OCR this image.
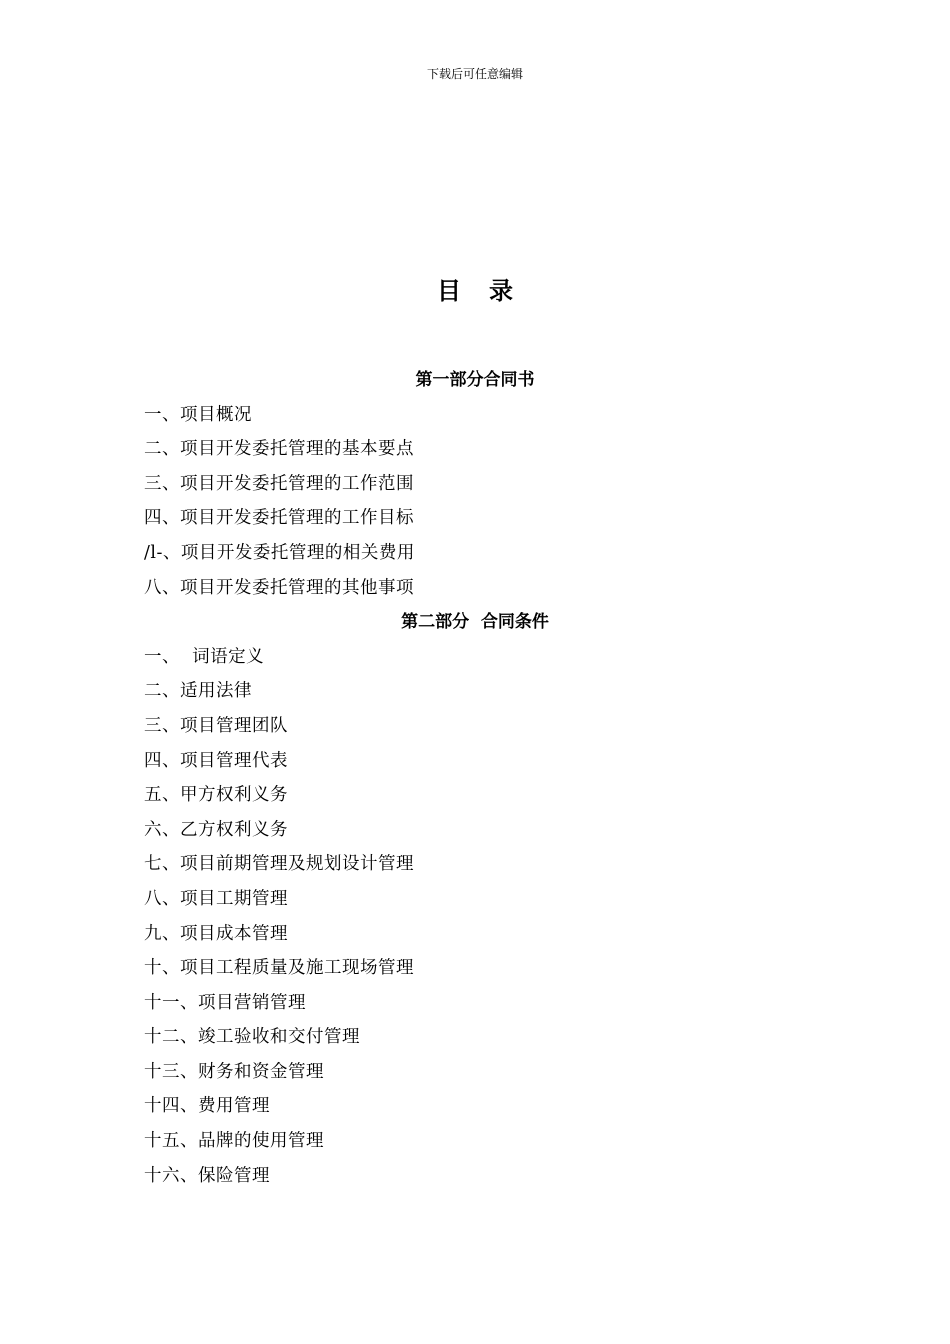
下载后可任意编辑
目录
第一部分合同书
一、项目概况
二、项目开发委托管理的基本要点
三、项目开发委托管理的工作范围
四、项目开发委托管理的工作目标
/l-、项目开发委托管理的相关费用
八、项目开发委托管理的其他事项
第二部分  合同条件
一、  词语定义
二、适用法律
三、项目管理团队
四、项目管理代表
五、甲方权利义务
六、乙方权利义务
七、项目前期管理及规划设计管理
八、项目工期管理
九、项目成本管理
十、项目工程质量及施工现场管理
十一、项目营销管理
十二、竣工验收和交付管理
十三、财务和资金管理
十四、费用管理
十五、品牌的使用管理
十六、保险管理
